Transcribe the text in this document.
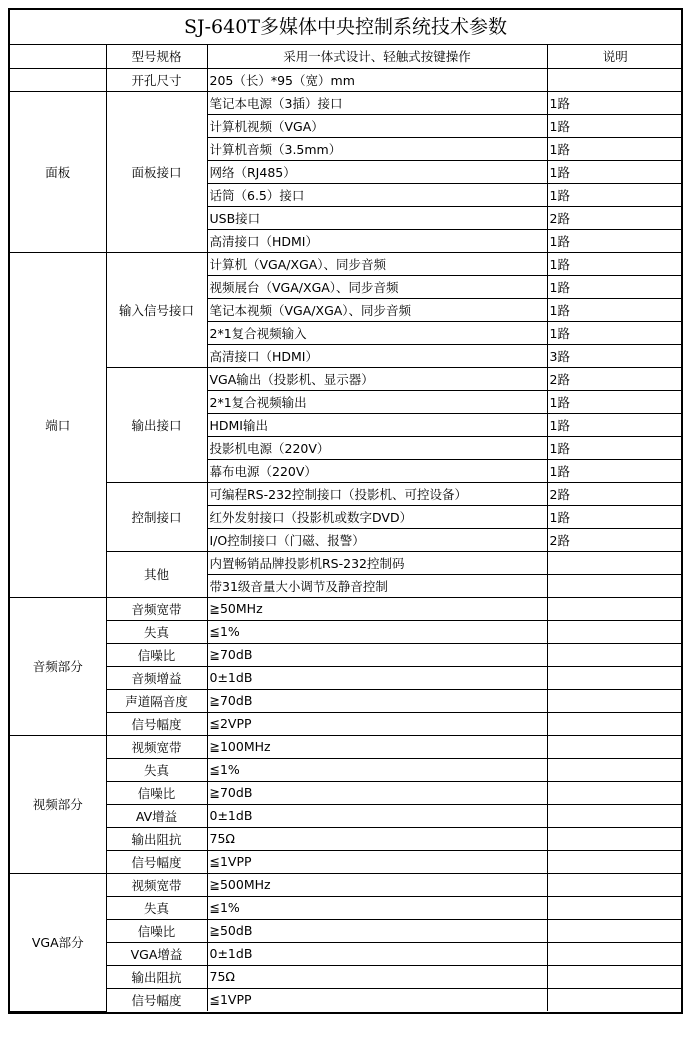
SJ-640T多媒体中央控制系统技术参数
	型号规格	采用一体式设计、轻触式按键操作	说明
	开孔尺寸	205（长）*95（宽）mm	
面板	面板接口	笔记本电源（3插）接口	1路
		计算机视频（VGA）	1路
		计算机音频（3.5mm）	1路
		网络（RJ485）	1路
		话筒（6.5）接口	1路
		USB接口	2路
		高清接口（HDMI）	1路
端口	输入信号接口	计算机（VGA/XGA）、同步音频	1路
		视频展台（VGA/XGA）、同步音频	1路
		笔记本视频（VGA/XGA）、同步音频	1路
		2*1复合视频输入	1路
		高清接口（HDMI）	3路
	输出接口	VGA输出（投影机、显示器）	2路
		2*1复合视频输出	1路
		HDMI输出	1路
		投影机电源（220V）	1路
		幕布电源（220V）	1路
	控制接口	可编程RS-232控制接口（投影机、可控设备）	2路
		红外发射接口（投影机或数字DVD）	1路
		I/O控制接口（门磁、报警）	2路
	其他	内置畅销品牌投影机RS-232控制码	
		带31级音量大小调节及静音控制	
音频部分	音频宽带	≧50MHz	
	失真	≦1%	
	信噪比	≧70dB	
	音频增益	0±1dB	
	声道隔音度	≧70dB	
	信号幅度	≦2VPP	
视频部分	视频宽带	≧100MHz	
	失真	≦1%	
	信噪比	≧70dB	
	AV增益	0±1dB	
	输出阻抗	75Ω	
	信号幅度	≦1VPP	
VGA部分	视频宽带	≧500MHz	
	失真	≦1%	
	信噪比	≧50dB	
	VGA增益	0±1dB	
	输出阻抗	75Ω	
	信号幅度	≦1VPP	
